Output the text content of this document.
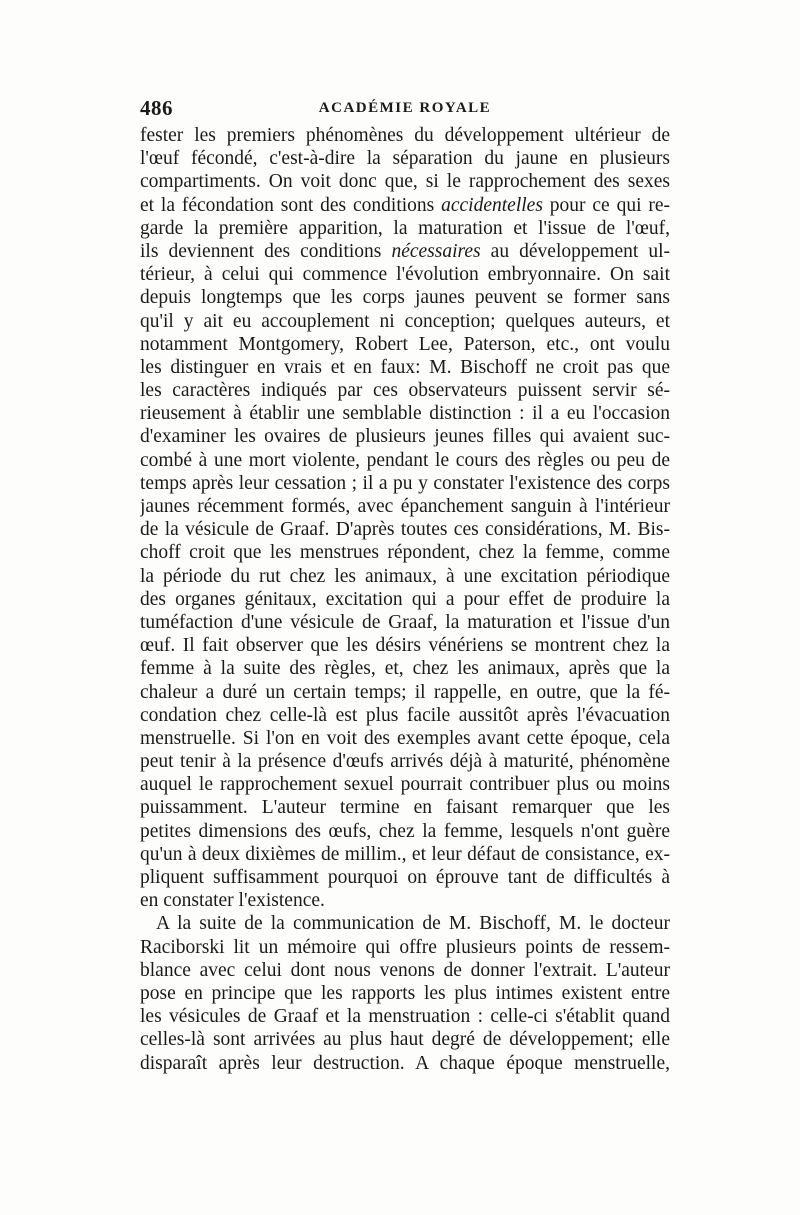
486	ACADÉMIE ROYALE
fester les premiers phénomènes du développement ultérieur de
l'œuf fécondé, c'est-à-dire la séparation du jaune en plusieurs
compartiments. On voit donc que, si le rapprochement des sexes
et la fécondation sont des conditions accidentelles pour ce qui re-
garde la première apparition, la maturation et l'issue de l'œuf,
ils deviennent des conditions nécessaires au développement ul-
térieur, à celui qui commence l'évolution embryonnaire. On sait
depuis longtemps que les corps jaunes peuvent se former sans
qu'il y ait eu accouplement ni conception; quelques auteurs, et
notamment Montgomery, Robert Lee, Paterson, etc., ont voulu
les distinguer en vrais et en faux: M. Bischoff ne croit pas que
les caractères indiqués par ces observateurs puissent servir sé-
rieusement à établir une semblable distinction : il a eu l'occasion
d'examiner les ovaires de plusieurs jeunes filles qui avaient suc-
combé à une mort violente, pendant le cours des règles ou peu de
temps après leur cessation ; il a pu y constater l'existence des corps
jaunes récemment formés, avec épanchement sanguin à l'intérieur
de la vésicule de Graaf. D'après toutes ces considérations, M. Bis-
choff croit que les menstrues répondent, chez la femme, comme
la période du rut chez les animaux, à une excitation périodique
des organes génitaux, excitation qui a pour effet de produire la
tuméfaction d'une vésicule de Graaf, la maturation et l'issue d'un
œuf. Il fait observer que les désirs vénériens se montrent chez la
femme à la suite des règles, et, chez les animaux, après que la
chaleur a duré un certain temps; il rappelle, en outre, que la fé-
condation chez celle-là est plus facile aussitôt après l'évacuation
menstruelle. Si l'on en voit des exemples avant cette époque, cela
peut tenir à la présence d'œufs arrivés déjà à maturité, phénomène
auquel le rapprochement sexuel pourrait contribuer plus ou moins
puissamment. L'auteur termine en faisant remarquer que les
petites dimensions des œufs, chez la femme, lesquels n'ont guère
qu'un à deux dixièmes de millim., et leur défaut de consistance, ex-
pliquent suffisamment pourquoi on éprouve tant de difficultés à
en constater l'existence.
A la suite de la communication de M. Bischoff, M. le docteur
Raciborski lit un mémoire qui offre plusieurs points de ressem-
blance avec celui dont nous venons de donner l'extrait. L'auteur
pose en principe que les rapports les plus intimes existent entre
les vésicules de Graaf et la menstruation : celle-ci s'établit quand
celles-là sont arrivées au plus haut degré de développement; elle
disparaît après leur destruction. A chaque époque menstruelle,
